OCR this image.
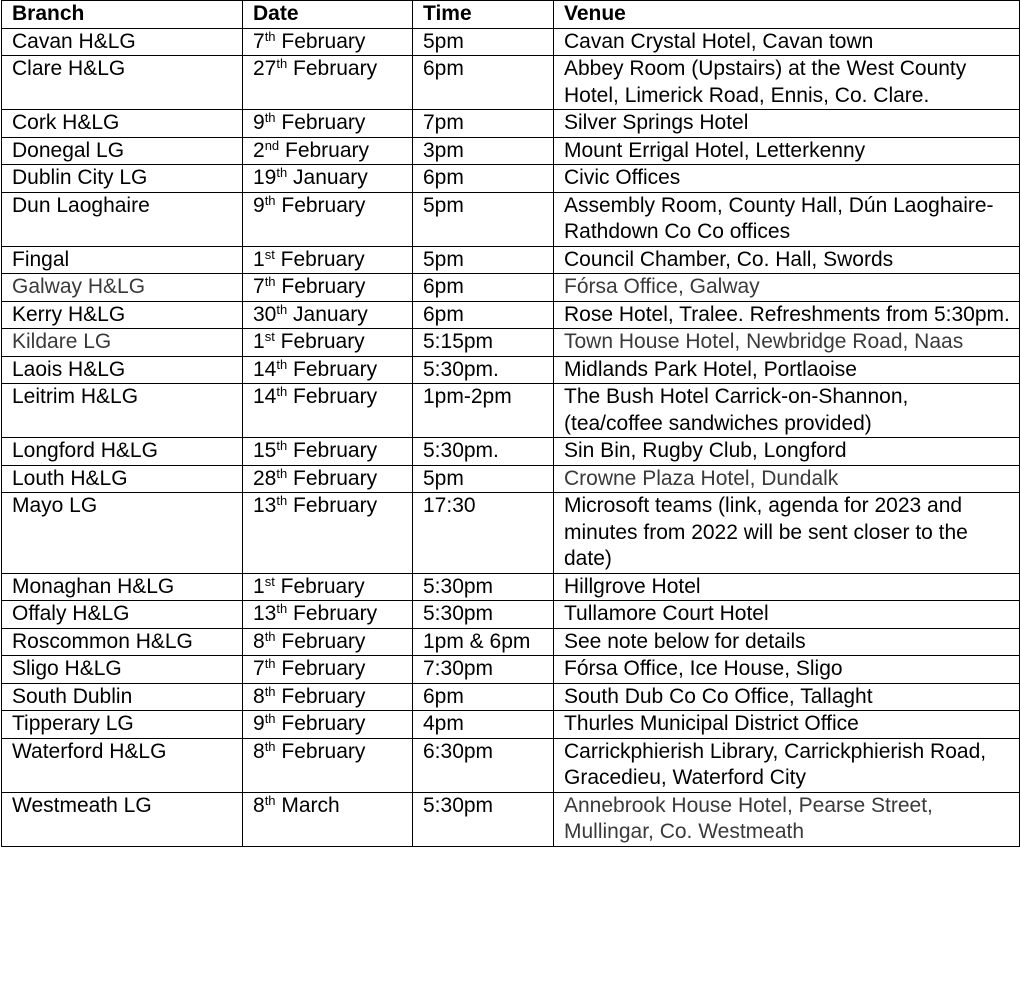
Branch	Date	Time	Venue
Cavan H&LG	7th February	5pm	Cavan Crystal Hotel, Cavan town
Clare H&LG	27th February	6pm	Abbey Room (Upstairs) at the West County Hotel, Limerick Road, Ennis, Co. Clare.
Cork H&LG	9th February	7pm	Silver Springs Hotel
Donegal LG	2nd February	3pm	Mount Errigal Hotel, Letterkenny
Dublin City LG	19th January	6pm	Civic Offices
Dun Laoghaire	9th February	5pm	Assembly Room, County Hall, Dún Laoghaire-Rathdown Co Co offices
Fingal	1st February	5pm	Council Chamber, Co. Hall, Swords
Galway H&LG	7th February	6pm	Fórsa Office, Galway
Kerry H&LG	30th January	6pm	Rose Hotel, Tralee. Refreshments from 5:30pm.
Kildare LG	1st February	5:15pm	Town House Hotel, Newbridge Road, Naas
Laois H&LG	14th February	5:30pm.	Midlands Park Hotel, Portlaoise
Leitrim H&LG	14th February	1pm-2pm	The Bush Hotel Carrick-on-Shannon, (tea/coffee sandwiches provided)
Longford H&LG	15th February	5:30pm.	Sin Bin, Rugby Club, Longford
Louth H&LG	28th February	5pm	Crowne Plaza Hotel, Dundalk
Mayo LG	13th February	17:30	Microsoft teams (link, agenda for 2023 and minutes from 2022 will be sent closer to the date)
Monaghan H&LG	1st February	5:30pm	Hillgrove Hotel
Offaly H&LG	13th February	5:30pm	Tullamore Court Hotel
Roscommon H&LG	8th February	1pm & 6pm	See note below for details
Sligo H&LG	7th February	7:30pm	Fórsa Office, Ice House, Sligo
South Dublin	8th February	6pm	South Dub Co Co Office, Tallaght
Tipperary LG	9th February	4pm	Thurles Municipal District Office
Waterford H&LG	8th February	6:30pm	Carrickphierish Library, Carrickphierish Road, Gracedieu, Waterford City
Westmeath LG	8th March	5:30pm	Annebrook House Hotel, Pearse Street, Mullingar, Co. Westmeath
